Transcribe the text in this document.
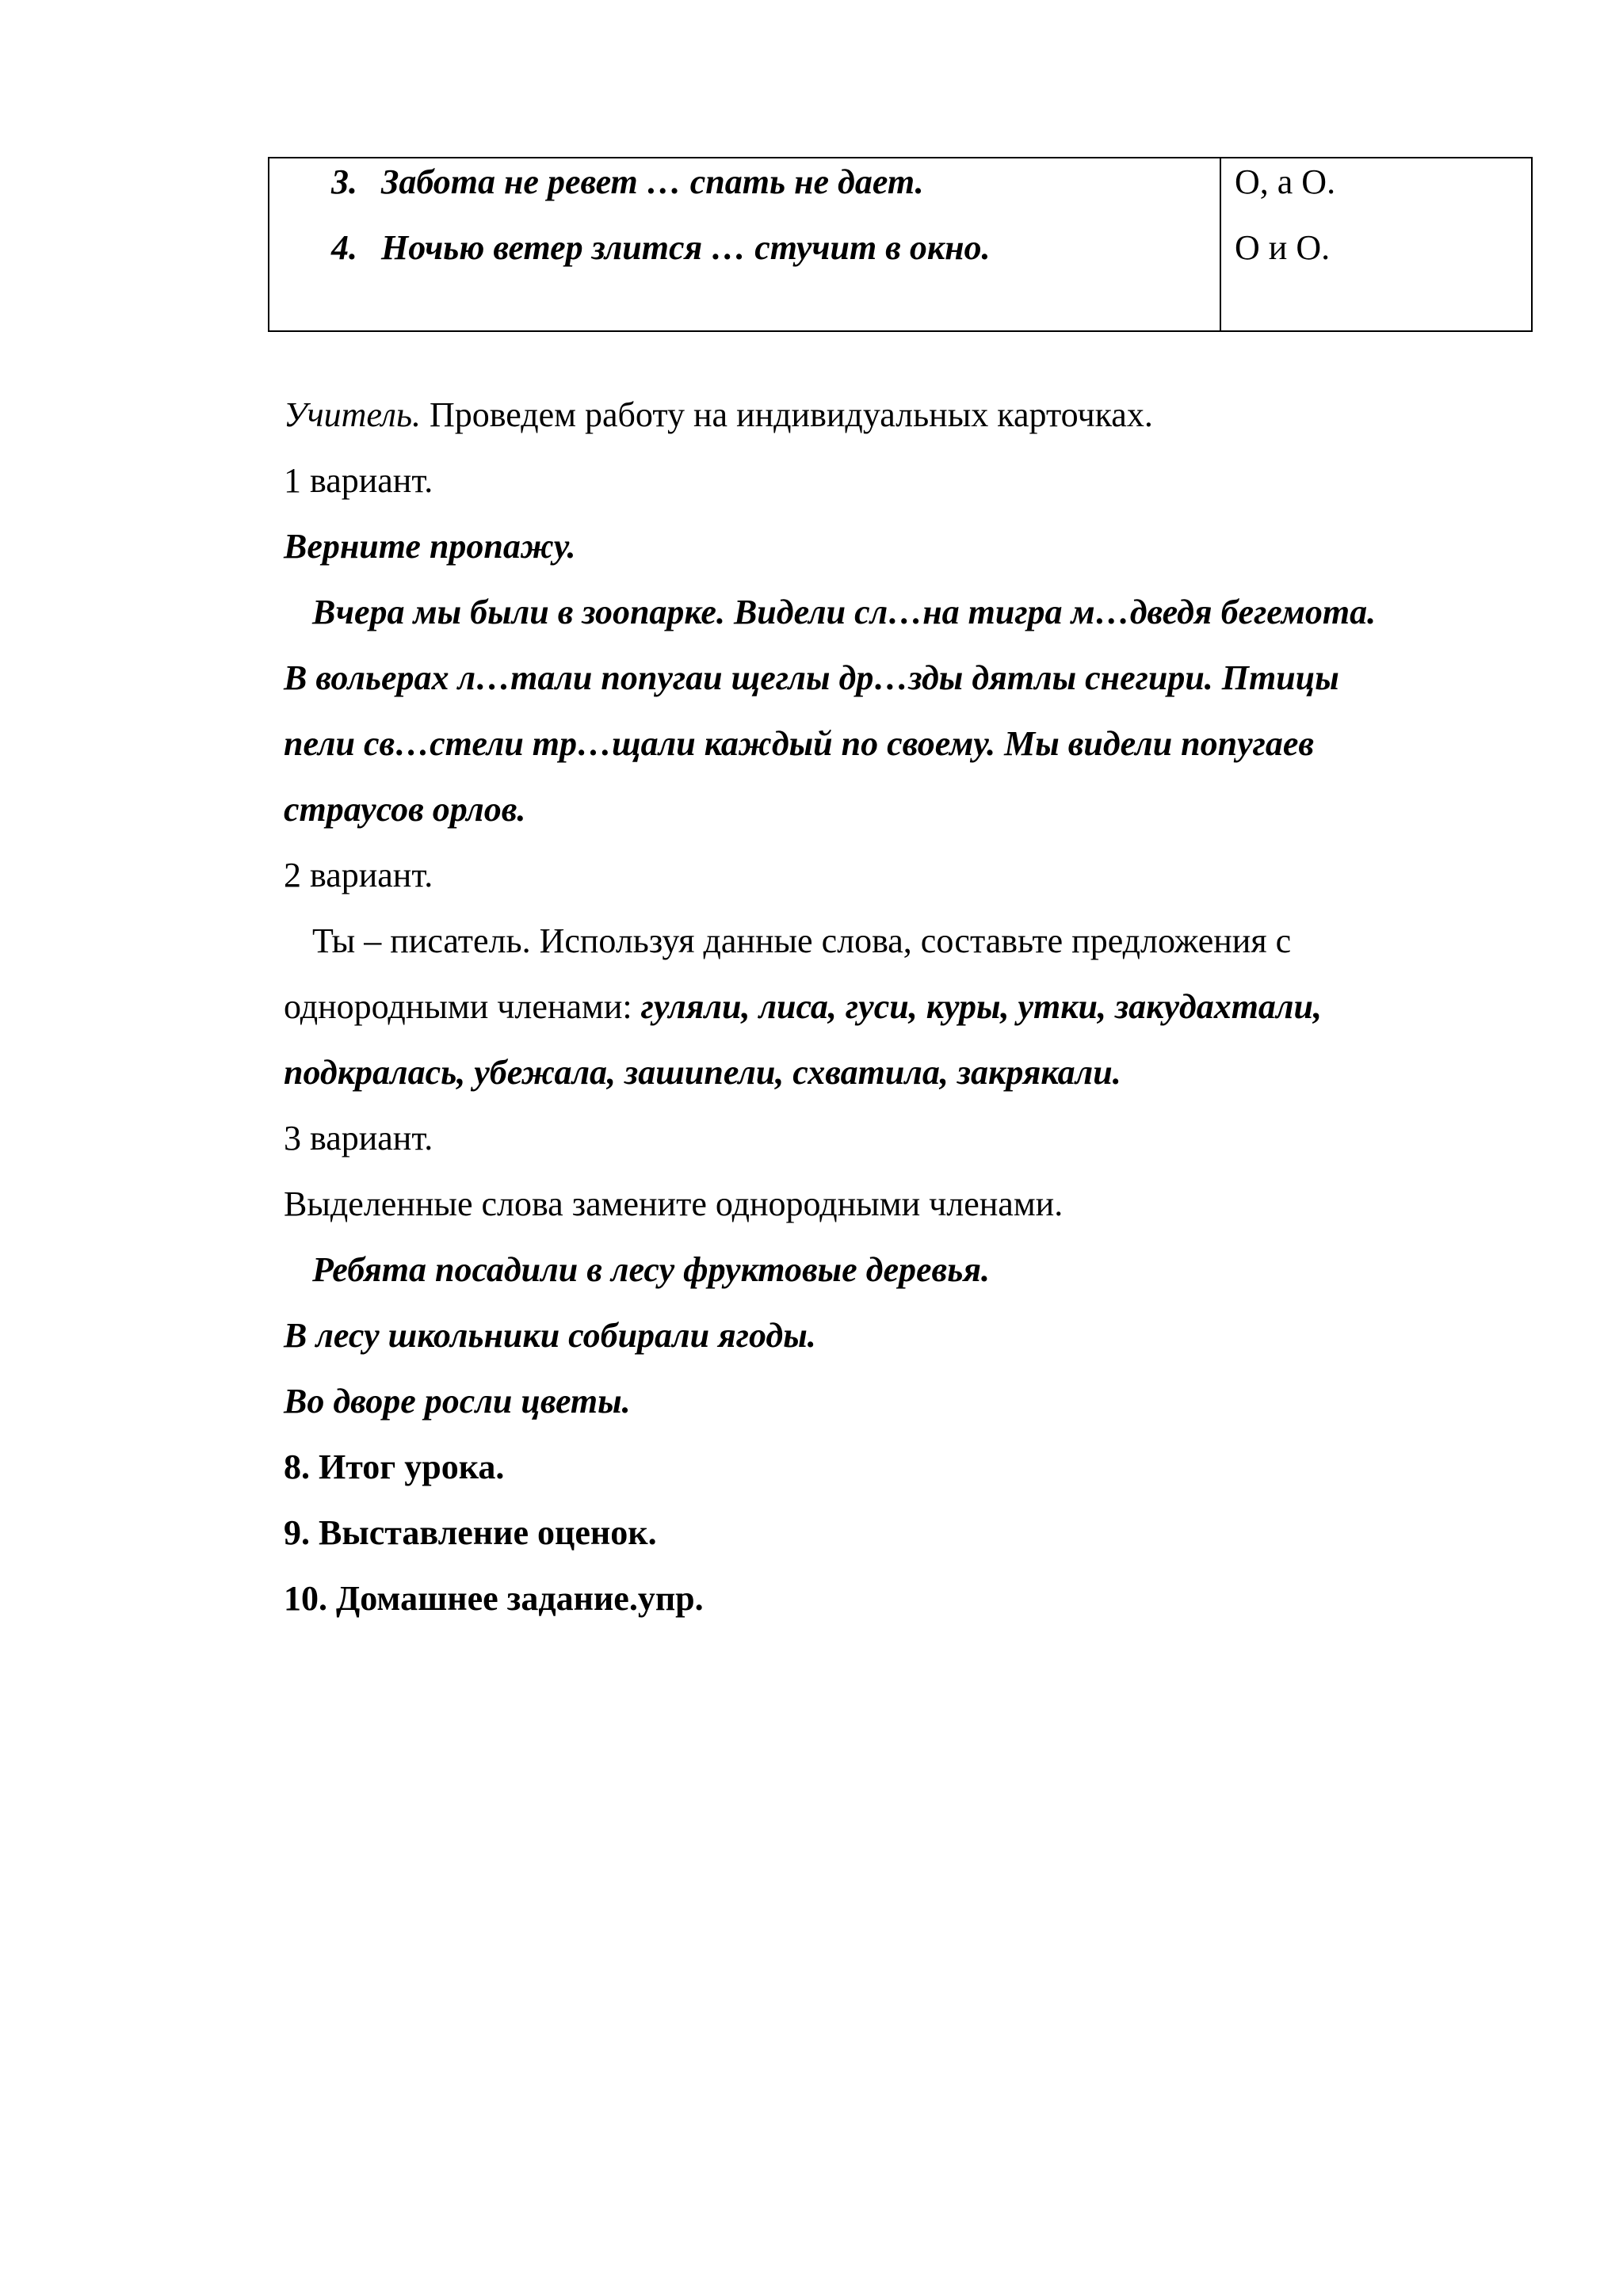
3. Забота не ревет … спать не дает.	О, а О.
4. Ночью ветер злится … стучит в окно.	О и О.
Учитель. Проведем работу на индивидуальных карточках.
1 вариант.
Верните пропажу.
Вчера мы были в зоопарке. Видели сл…на тигра м…дведя бегемота.
В вольерах л…тали попугаи щеглы др…зды дятлы снегири. Птицы
пели св…стели тр…щали каждый по своему. Мы видели попугаев
страусов орлов.
2 вариант.
Ты – писатель. Используя данные слова, составьте предложения с
однородными членами: гуляли, лиса, гуси, куры, утки, закудахтали,
подкралась, убежала, зашипели, схватила, закрякали.
3 вариант.
Выделенные слова замените однородными членами.
Ребята посадили в лесу фруктовые деревья.
В лесу школьники собирали ягоды.
Во дворе росли цветы.
8. Итог урока.
9. Выставление оценок.
10. Домашнее задание.упр.
